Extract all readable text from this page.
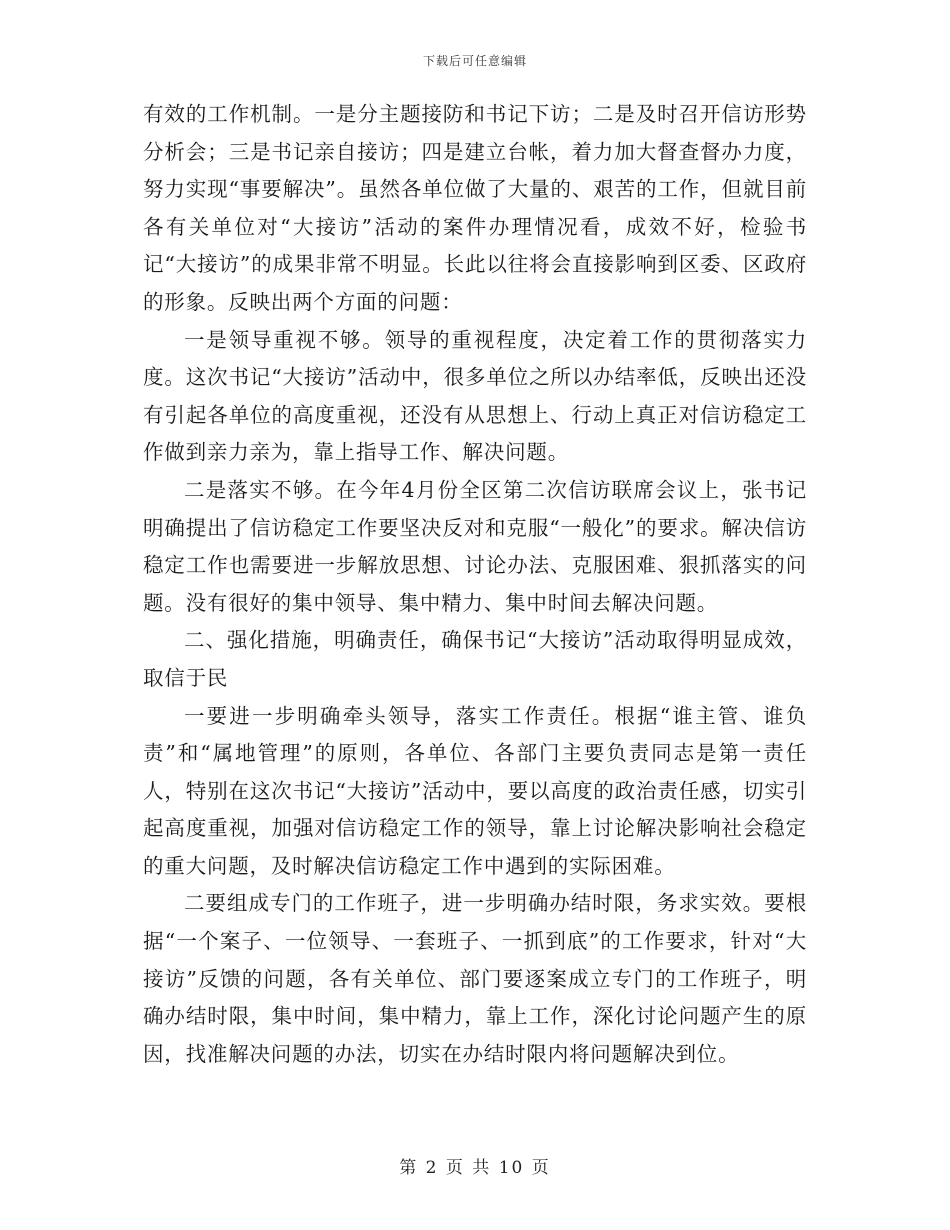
下载后可任意编辑

有效的工作机制。一是分主题接防和书记下访；二是及时召开信访形势分析会；三是书记亲自接访；四是建立台帐，着力加大督查督办力度，努力实现“事要解决”。虽然各单位做了大量的、艰苦的工作，但就目前各有关单位对“大接访”活动的案件办理情况看，成效不好，检验书记“大接访”的成果非常不明显。长此以往将会直接影响到区委、区政府的形象。反映出两个方面的问题：

一是领导重视不够。领导的重视程度，决定着工作的贯彻落实力度。这次书记“大接访”活动中，很多单位之所以办结率低，反映出还没有引起各单位的高度重视，还没有从思想上、行动上真正对信访稳定工作做到亲力亲为，靠上指导工作、解决问题。

二是落实不够。在今年4月份全区第二次信访联席会议上，张书记明确提出了信访稳定工作要坚决反对和克服“一般化”的要求。解决信访稳定工作也需要进一步解放思想、讨论办法、克服困难、狠抓落实的问题。没有很好的集中领导、集中精力、集中时间去解决问题。

二、强化措施，明确责任，确保书记“大接访”活动取得明显成效，取信于民

一要进一步明确牵头领导，落实工作责任。根据“谁主管、谁负责”和“属地管理”的原则，各单位、各部门主要负责同志是第一责任人，特别在这次书记“大接访”活动中，要以高度的政治责任感，切实引起高度重视，加强对信访稳定工作的领导，靠上讨论解决影响社会稳定的重大问题，及时解决信访稳定工作中遇到的实际困难。

二要组成专门的工作班子，进一步明确办结时限，务求实效。要根据“一个案子、一位领导、一套班子、一抓到底”的工作要求，针对“大接访”反馈的问题，各有关单位、部门要逐案成立专门的工作班子，明确办结时限，集中时间，集中精力，靠上工作，深化讨论问题产生的原因，找准解决问题的办法，切实在办结时限内将问题解决到位。

第 2 页 共 10 页
